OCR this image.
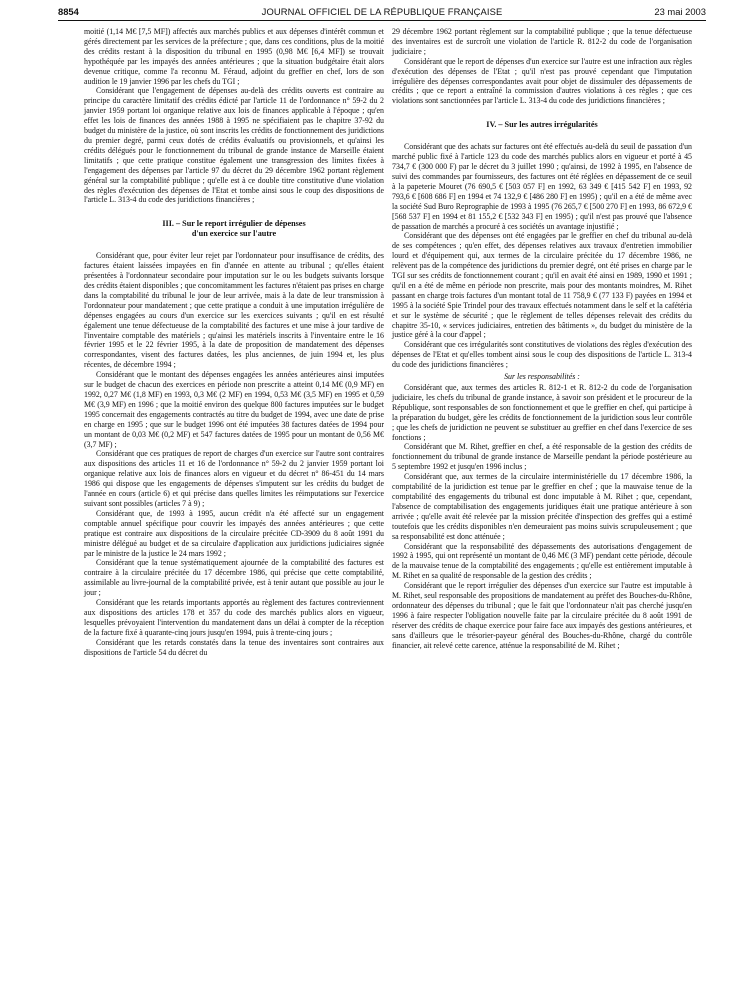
8854	JOURNAL OFFICIEL DE LA RÉPUBLIQUE FRANÇAISE	23 mai 2003

moitié (1,14 M€ [7,5 MF]) affectés aux marchés publics et aux dépenses d'intérêt commun et gérés directement par les services de la préfecture ; que, dans ces conditions, plus de la moitié des crédits restant à la disposition du tribunal en 1995 (0,98 M€ [6,4 MF]) se trouvait hypothéquée par les impayés des années antérieures ; que la situation budgétaire était alors devenue critique, comme l'a reconnu M. Féraud, adjoint du greffier en chef, lors de son audition le 19 janvier 1996 par les chefs du TGI ;

Considérant que l'engagement de dépenses au-delà des crédits ouverts est contraire au principe du caractère limitatif des crédits édicté par l'article 11 de l'ordonnance n° 59-2 du 2 janvier 1959 portant loi organique relative aux lois de finances applicable à l'époque ; qu'en effet les lois de finances des années 1988 à 1995 ne spécifiaient pas le chapitre 37-92 du budget du ministère de la justice, où sont inscrits les crédits de fonctionnement des juridictions du premier degré, parmi ceux dotés de crédits évaluatifs ou provisionnels, et qu'ainsi les crédits délégués pour le fonctionnement du tribunal de grande instance de Marseille étaient limitatifs ; que cette pratique constitue également une transgression des limites fixées à l'engagement des dépenses par l'article 97 du décret du 29 décembre 1962 portant règlement général sur la comptabilité publique ; qu'elle est à ce double titre constitutive d'une violation des règles d'exécution des dépenses de l'Etat et tombe ainsi sous le coup des dispositions de l'article L. 313-4 du code des juridictions financières ;

III. – Sur le report irrégulier de dépenses
d'un exercice sur l'autre

Considérant que, pour éviter leur rejet par l'ordonnateur pour insuffisance de crédits, des factures étaient laissées impayées en fin d'année en attente au tribunal ; qu'elles étaient présentées à l'ordonnateur secondaire pour imputation sur le ou les budgets suivants lorsque des crédits étaient disponibles ; que concomitamment les factures n'étaient pas prises en charge dans la comptabilité du tribunal le jour de leur arrivée, mais à la date de leur transmission à l'ordonnateur pour mandatement ; que cette pratique a conduit à une imputation irrégulière de dépenses engagées au cours d'un exercice sur les exercices suivants ; qu'il en est résulté également une tenue défectueuse de la comptabilité des factures et une mise à jour tardive de l'inventaire comptable des matériels ; qu'ainsi les matériels inscrits à l'inventaire entre le 16 février 1995 et le 22 février 1995, à la date de proposition de mandatement des dépenses correspondantes, visent des factures datées, les plus anciennes, de juin 1994 et, les plus récentes, de décembre 1994 ;

Considérant que le montant des dépenses engagées les années antérieures ainsi imputées sur le budget de chacun des exercices en période non prescrite a atteint 0,14 M€ (0,9 MF) en 1992, 0,27 M€ (1,8 MF) en 1993, 0,3 M€ (2 MF) en 1994, 0,53 M€ (3,5 MF) en 1995 et 0,59 M€ (3,9 MF) en 1996 ; que la moitié environ des quelque 800 factures imputées sur le budget 1995 concernait des engagements contractés au titre du budget de 1994, avec une date de prise en charge en 1995 ; que sur le budget 1996 ont été imputées 38 factures datées de 1994 pour un montant de 0,03 M€ (0,2 MF) et 547 factures datées de 1995 pour un montant de 0,56 M€ (3,7 MF) ;

Considérant que ces pratiques de report de charges d'un exercice sur l'autre sont contraires aux dispositions des articles 11 et 16 de l'ordonnance n° 59-2 du 2 janvier 1959 portant loi organique relative aux lois de finances alors en vigueur et du décret n° 86-451 du 14 mars 1986 qui dispose que les engagements de dépenses s'imputent sur les crédits du budget de l'année en cours (article 6) et qui précise dans quelles limites les réimputations sur l'exercice suivant sont possibles (articles 7 à 9) ;

Considérant que, de 1993 à 1995, aucun crédit n'a été affecté sur un engagement comptable annuel spécifique pour couvrir les impayés des années antérieures ; que cette pratique est contraire aux dispositions de la circulaire précitée CD-3909 du 8 août 1991 du ministre délégué au budget et de sa circulaire d'application aux juridictions judiciaires signée par le ministre de la justice le 24 mars 1992 ;

Considérant que la tenue systématiquement ajournée de la comptabilité des factures est contraire à la circulaire précitée du 17 décembre 1986, qui précise que cette comptabilité, assimilable au livre-journal de la comptabilité privée, est à tenir autant que possible au jour le jour ;

Considérant que les retards importants apportés au règlement des factures contreviennent aux dispositions des articles 178 et 357 du code des marchés publics alors en vigueur, lesquelles prévoyaient l'intervention du mandatement dans un délai à compter de la réception de la facture fixé à quarante-cinq jours jusqu'en 1994, puis à trente-cinq jours ;

Considérant que les retards constatés dans la tenue des inventaires sont contraires aux dispositions de l'article 54 du décret du

29 décembre 1962 portant règlement sur la comptabilité publique ; que la tenue défectueuse des inventaires est de surcroît une violation de l'article R. 812-2 du code de l'organisation judiciaire ;

Considérant que le report de dépenses d'un exercice sur l'autre est une infraction aux règles d'exécution des dépenses de l'Etat ; qu'il n'est pas prouvé cependant que l'imputation irrégulière des dépenses correspondantes avait pour objet de dissimuler des dépassements de crédits ; que ce report a entraîné la commission d'autres violations à ces règles ; que ces violations sont sanctionnées par l'article L. 313-4 du code des juridictions financières ;

IV. – Sur les autres irrégularités

Considérant que des achats sur factures ont été effectués au-delà du seuil de passation d'un marché public fixé à l'article 123 du code des marchés publics alors en vigueur et porté à 45 734,7 € (300 000 F) par le décret du 3 juillet 1990 ; qu'ainsi, de 1992 à 1995, en l'absence de suivi des commandes par fournisseurs, des factures ont été réglées en dépassement de ce seuil à la papeterie Mouret (76 690,5 € [503 057 F] en 1992, 63 349 € [415 542 F] en 1993, 92 793,6 € [608 686 F] en 1994 et 74 132,9 € [486 280 F] en 1995) ; qu'il en a été de même avec la société Sud Buro Reprographie de 1993 à 1995 (76 265,7 € [500 270 F] en 1993, 86 672,9 € [568 537 F] en 1994 et 81 155,2 € [532 343 F] en 1995) ; qu'il n'est pas prouvé que l'absence de passation de marchés a procuré à ces sociétés un avantage injustifié ;

Considérant que des dépenses ont été engagées par le greffier en chef du tribunal au-delà de ses compétences ; qu'en effet, des dépenses relatives aux travaux d'entretien immobilier lourd et d'équipement qui, aux termes de la circulaire précitée du 17 décembre 1986, ne relèvent pas de la compétence des juridictions du premier degré, ont été prises en charge par le TGI sur ses crédits de fonctionnement courant ; qu'il en avait été ainsi en 1989, 1990 et 1991 ; qu'il en a été de même en période non prescrite, mais pour des montants moindres, M. Rihet passant en charge trois factures d'un montant total de 11 758,9 € (77 133 F) payées en 1994 et 1995 à la société Spie Trindel pour des travaux effectués notamment dans le self et la cafétéria et sur le système de sécurité ; que le règlement de telles dépenses relevait des crédits du chapitre 35-10, « services judiciaires, entretien des bâtiments », du budget du ministère de la justice géré à la cour d'appel ;

Considérant que ces irrégularités sont constitutives de violations des règles d'exécution des dépenses de l'Etat et qu'elles tombent ainsi sous le coup des dispositions de l'article L. 313-4 du code des juridictions financières ;

Sur les responsabilités :

Considérant que, aux termes des articles R. 812-1 et R. 812-2 du code de l'organisation judiciaire, les chefs du tribunal de grande instance, à savoir son président et le procureur de la République, sont responsables de son fonctionnement et que le greffier en chef, qui participe à la préparation du budget, gère les crédits de fonctionnement de la juridiction sous leur contrôle ; que les chefs de juridiction ne peuvent se substituer au greffier en chef dans l'exercice de ses fonctions ;

Considérant que M. Rihet, greffier en chef, a été responsable de la gestion des crédits de fonctionnement du tribunal de grande instance de Marseille pendant la période postérieure au 5 septembre 1992 et jusqu'en 1996 inclus ;

Considérant que, aux termes de la circulaire interministérielle du 17 décembre 1986, la comptabilité de la juridiction est tenue par le greffier en chef ; que la mauvaise tenue de la comptabilité des engagements du tribunal est donc imputable à M. Rihet ; que, cependant, l'absence de comptabilisation des engagements juridiques était une pratique antérieure à son arrivée ; qu'elle avait été relevée par la mission précitée d'inspection des greffes qui a estimé toutefois que les crédits disponibles n'en demeuraient pas moins suivis scrupuleusement ; que sa responsabilité est donc atténuée ;

Considérant que la responsabilité des dépassements des autorisations d'engagement de 1992 à 1995, qui ont représenté un montant de 0,46 M€ (3 MF) pendant cette période, découle de la mauvaise tenue de la comptabilité des engagements ; qu'elle est entièrement imputable à M. Rihet en sa qualité de responsable de la gestion des crédits ;

Considérant que le report irrégulier des dépenses d'un exercice sur l'autre est imputable à M. Rihet, seul responsable des propositions de mandatement au préfet des Bouches-du-Rhône, ordonnateur des dépenses du tribunal ; que le fait que l'ordonnateur n'ait pas cherché jusqu'en 1996 à faire respecter l'obligation nouvelle faite par la circulaire précitée du 8 août 1991 de réserver des crédits de chaque exercice pour faire face aux impayés des gestions antérieures, et sans d'ailleurs que le trésorier-payeur général des Bouches-du-Rhône, chargé du contrôle financier, ait relevé cette carence, atténue la responsabilité de M. Rihet ;
